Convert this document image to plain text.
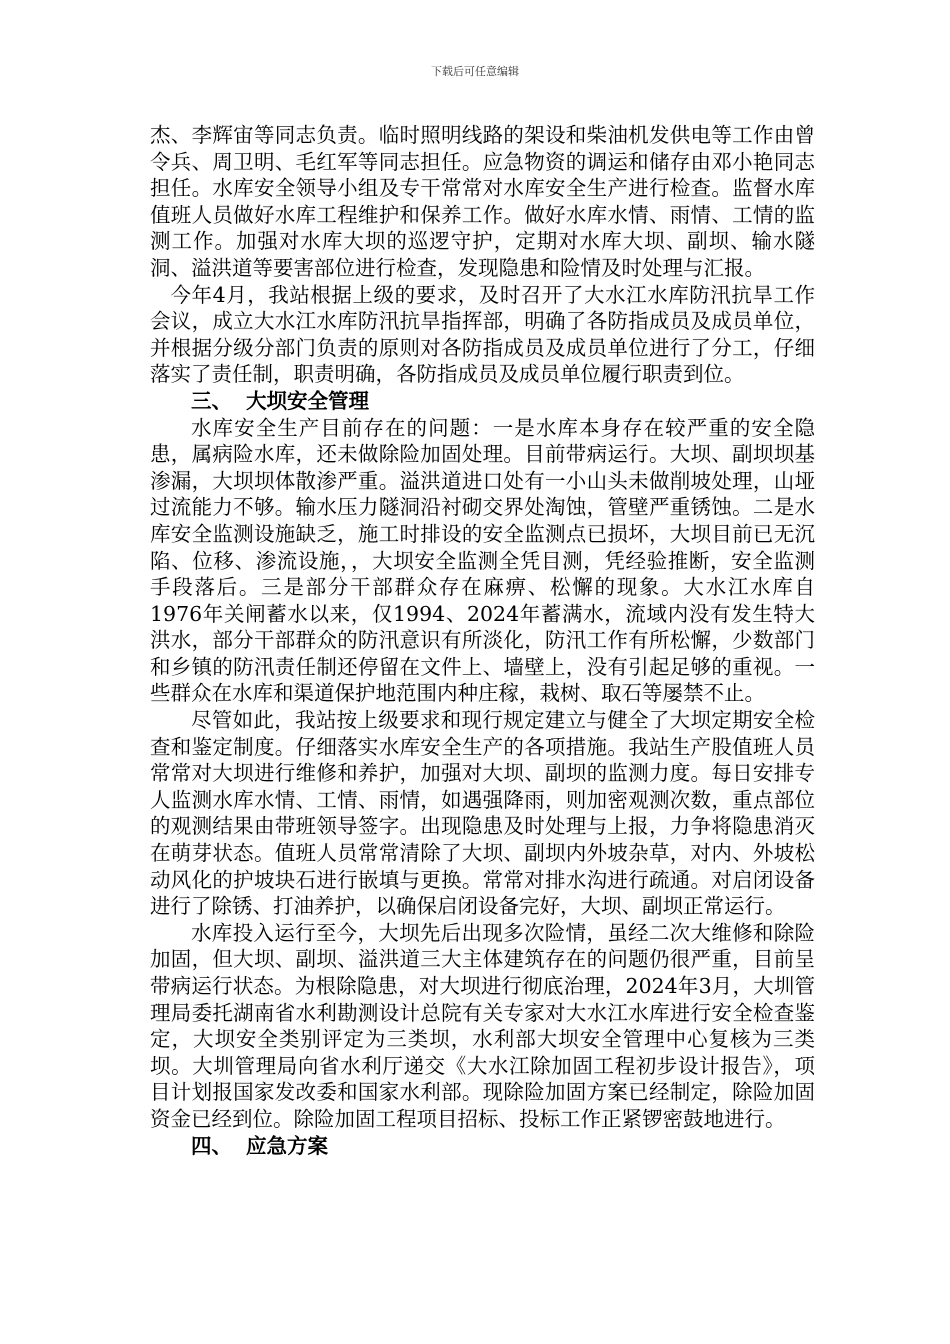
下载后可任意编辑

杰、李辉宙等同志负责。临时照明线路的架设和柴油机发供电等工作由曾令兵、周卫明、毛红军等同志担任。应急物资的调运和储存由邓小艳同志担任。水库安全领导小组及专干常常对水库安全生产进行检查。监督水库值班人员做好水库工程维护和保养工作。做好水库水情、雨情、工情的监测工作。加强对水库大坝的巡逻守护，定期对水库大坝、副坝、输水隧洞、溢洪道等要害部位进行检查，发现隐患和险情及时处理与汇报。

今年4月，我站根据上级的要求，及时召开了大水江水库防汛抗旱工作会议，成立大水江水库防汛抗旱指挥部，明确了各防指成员及成员单位，并根据分级分部门负责的原则对各防指成员及成员单位进行了分工，仔细落实了责任制，职责明确，各防指成员及成员单位履行职责到位。

三、 大坝安全管理

水库安全生产目前存在的问题：一是水库本身存在较严重的安全隐患，属病险水库，还未做除险加固处理。目前带病运行。大坝、副坝坝基渗漏，大坝坝体散渗严重。溢洪道进口处有一小山头未做削坡处理，山垭过流能力不够。输水压力隧洞沿衬砌交界处淘蚀，管壁严重锈蚀。二是水库安全监测设施缺乏，施工时排设的安全监测点已损坏，大坝目前已无沉陷、位移、渗流设施，，大坝安全监测全凭目测，凭经验推断，安全监测手段落后。三是部分干部群众存在麻痹、松懈的现象。大水江水库自1976年关闸蓄水以来，仅1994、2024年蓄满水，流域内没有发生特大洪水，部分干部群众的防汛意识有所淡化，防汛工作有所松懈，少数部门和乡镇的防汛责任制还停留在文件上、墙壁上，没有引起足够的重视。一些群众在水库和渠道保护地范围内种庄稼，栽树、取石等屡禁不止。

尽管如此，我站按上级要求和现行规定建立与健全了大坝定期安全检查和鉴定制度。仔细落实水库安全生产的各项措施。我站生产股值班人员常常对大坝进行维修和养护，加强对大坝、副坝的监测力度。每日安排专人监测水库水情、工情、雨情，如遇强降雨，则加密观测次数，重点部位的观测结果由带班领导签字。出现隐患及时处理与上报，力争将隐患消灭在萌芽状态。值班人员常常清除了大坝、副坝内外坡杂草，对内、外坡松动风化的护坡块石进行嵌填与更换。常常对排水沟进行疏通。对启闭设备进行了除锈、打油养护，以确保启闭设备完好，大坝、副坝正常运行。

水库投入运行至今，大坝先后出现多次险情，虽经二次大维修和除险加固，但大坝、副坝、溢洪道三大主体建筑存在的问题仍很严重，目前呈带病运行状态。为根除隐患，对大坝进行彻底治理，2024年3月，大圳管理局委托湖南省水利勘测设计总院有关专家对大水江水库进行安全检查鉴定，大坝安全类别评定为三类坝，水利部大坝安全管理中心复核为三类坝。大圳管理局向省水利厅递交《大水江除加固工程初步设计报告》，项目计划报国家发改委和国家水利部。现除险加固方案已经制定，除险加固资金已经到位。除险加固工程项目招标、投标工作正紧锣密鼓地进行。

四、 应急方案
